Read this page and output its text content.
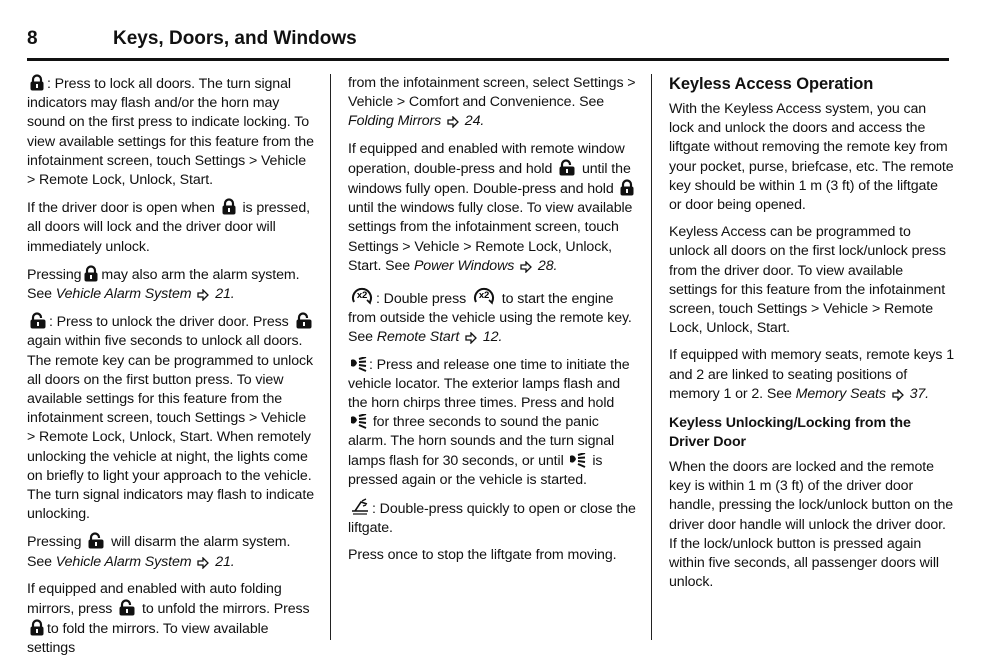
8	Keys, Doors, and Windows

: Press to lock all doors. The turn signal indicators may flash and/or the horn may sound on the first press to indicate locking. To view available settings for this feature from the infotainment screen, touch Settings > Vehicle > Remote Lock, Unlock, Start.

If the driver door is open when is pressed, all doors will lock and the driver door will immediately unlock.

Pressing may also arm the alarm system. See Vehicle Alarm System 21.

: Press to unlock the driver door. Press
again within five seconds to unlock all doors. The remote key can be programmed to unlock all doors on the first button press. To view available settings for this feature from the infotainment screen, touch Settings > Vehicle > Remote Lock, Unlock, Start. When remotely unlocking the vehicle at night, the lights come on briefly to light your approach to the vehicle. The turn signal indicators may flash to indicate unlocking.

Pressing will disarm the alarm system. See Vehicle Alarm System 21.

If equipped and enabled with auto folding mirrors, press to unfold the mirrors. Press
to fold the mirrors. To view available settings

from the infotainment screen, select Settings > Vehicle > Comfort and Convenience. See Folding Mirrors 24.

If equipped and enabled with remote window operation, double-press and hold until the windows fully open. Double-press and hold
until the windows fully close. To view available settings from the infotainment screen, touch Settings > Vehicle > Remote Lock, Unlock, Start. See Power Windows 28.

x2 : Double press x2 to start the engine from outside the vehicle using the remote key. See Remote Start 12.

: Press and release one time to initiate the vehicle locator. The exterior lamps flash and the horn chirps three times. Press and hold
for three seconds to sound the panic alarm. The horn sounds and the turn signal lamps flash for 30 seconds, or until is pressed again or the vehicle is started.

: Double-press quickly to open or close the liftgate.

Press once to stop the liftgate from moving.

Keyless Access Operation

With the Keyless Access system, you can lock and unlock the doors and access the liftgate without removing the remote key from your pocket, purse, briefcase, etc. The remote key should be within 1 m (3 ft) of the liftgate or door being opened.

Keyless Access can be programmed to unlock all doors on the first lock/unlock press from the driver door. To view available settings for this feature from the infotainment screen, touch Settings > Vehicle > Remote Lock, Unlock, Start.

If equipped with memory seats, remote keys 1 and 2 are linked to seating positions of memory 1 or 2. See Memory Seats 37.

Keyless Unlocking/Locking from the Driver Door

When the doors are locked and the remote key is within 1 m (3 ft) of the driver door handle, pressing the lock/unlock button on the driver door handle will unlock the driver door. If the lock/unlock button is pressed again within five seconds, all passenger doors will unlock.
